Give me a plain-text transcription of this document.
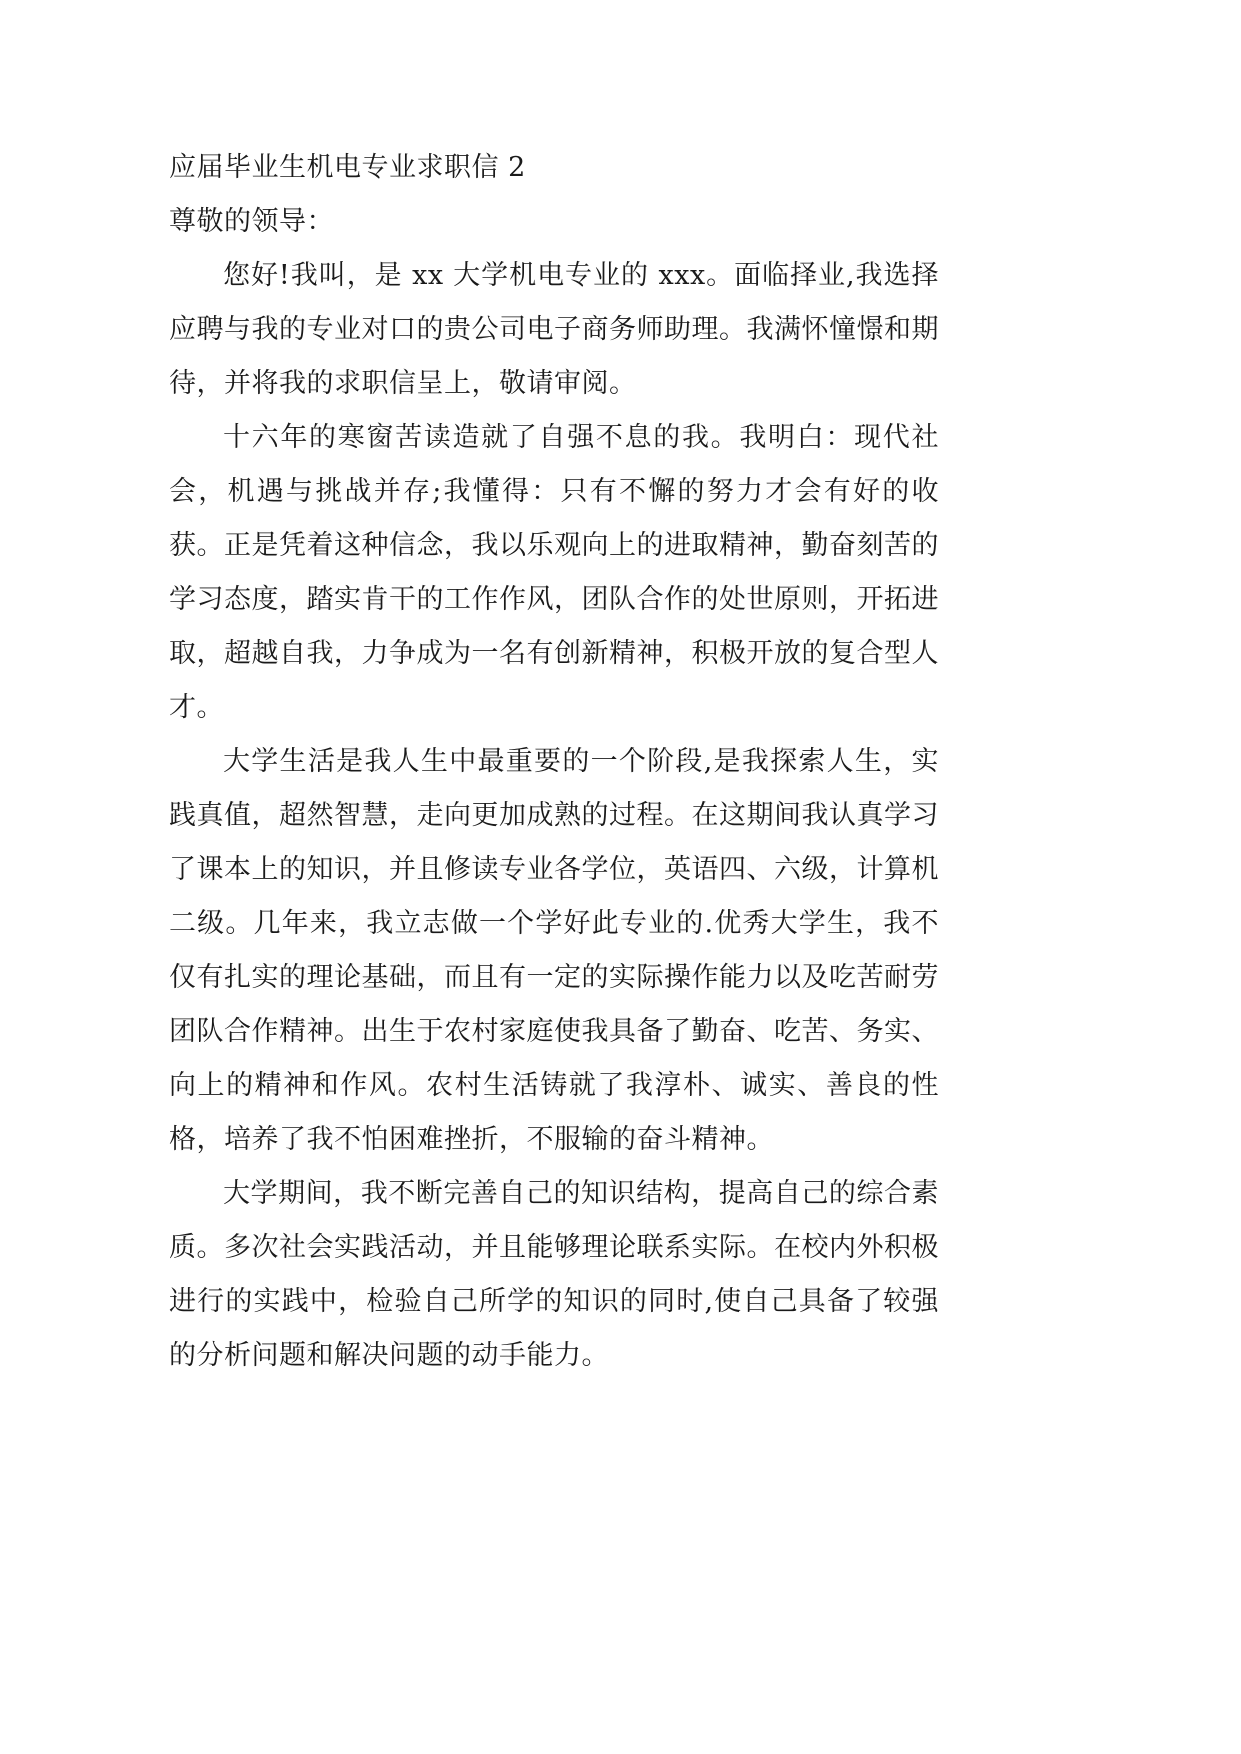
应届毕业生机电专业求职信 2

尊敬的领导：

您好!我叫，是 xx 大学机电专业的 xxx。面临择业,我选择应聘与我的专业对口的贵公司电子商务师助理。我满怀憧憬和期待，并将我的求职信呈上，敬请审阅。

十六年的寒窗苦读造就了自强不息的我。我明白：现代社会，机遇与挑战并存;我懂得：只有不懈的努力才会有好的收获。正是凭着这种信念，我以乐观向上的进取精神，勤奋刻苦的学习态度，踏实肯干的工作作风，团队合作的处世原则，开拓进取，超越自我，力争成为一名有创新精神，积极开放的复合型人才。

大学生活是我人生中最重要的一个阶段,是我探索人生，实践真值，超然智慧，走向更加成熟的过程。在这期间我认真学习了课本上的知识，并且修读专业各学位，英语四、六级，计算机二级。几年来，我立志做一个学好此专业的.优秀大学生，我不仅有扎实的理论基础，而且有一定的实际操作能力以及吃苦耐劳团队合作精神。出生于农村家庭使我具备了勤奋、吃苦、务实、向上的精神和作风。农村生活铸就了我淳朴、诚实、善良的性格，培养了我不怕困难挫折，不服输的奋斗精神。

大学期间，我不断完善自己的知识结构，提高自己的综合素质。多次社会实践活动，并且能够理论联系实际。在校内外积极进行的实践中，检验自己所学的知识的同时,使自己具备了较强的分析问题和解决问题的动手能力。
